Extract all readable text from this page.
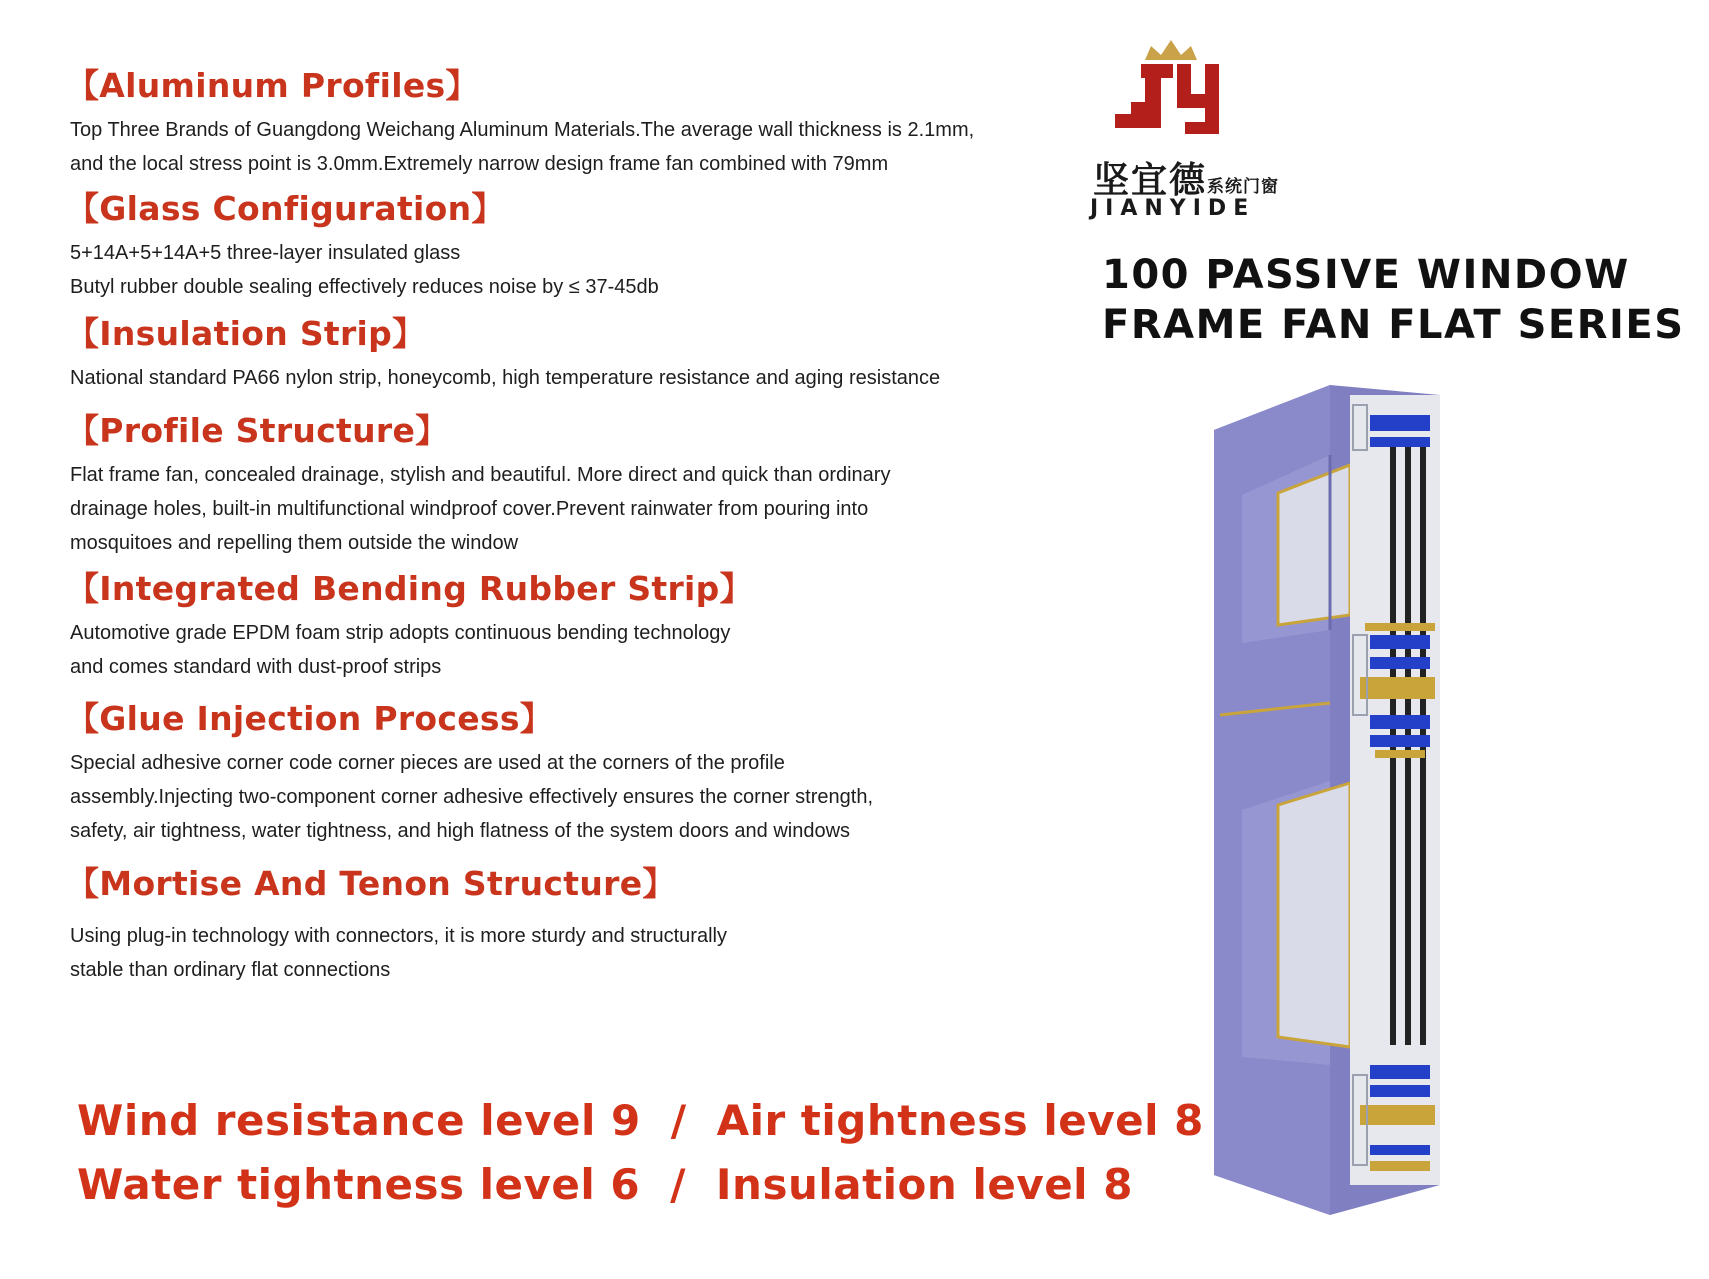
【Aluminum Profiles】
Top Three Brands of Guangdong Weichang Aluminum Materials.The average wall thickness is 2.1mm,
and the local stress point is 3.0mm.Extremely narrow design frame fan combined with 79mm
【Glass Configuration】
5+14A+5+14A+5 three-layer insulated glass
Butyl rubber double sealing effectively reduces noise by ≤ 37-45db
【Insulation Strip】
National standard PA66 nylon strip, honeycomb, high temperature resistance and aging resistance
【Profile Structure】
Flat frame fan, concealed drainage, stylish and beautiful. More direct and quick than ordinary
drainage holes, built-in multifunctional windproof cover.Prevent rainwater from pouring into
mosquitoes and repelling them outside the window
【Integrated Bending Rubber Strip】
Automotive grade EPDM foam strip adopts continuous bending technology
and comes standard with dust-proof strips
【Glue Injection Process】
Special adhesive corner code corner pieces are used at the corners of the profile
assembly.Injecting two-component corner adhesive effectively ensures the corner strength,
safety, air tightness, water tightness, and high flatness of the system doors and windows
【Mortise And Tenon Structure】
Using plug-in technology with connectors, it is more sturdy and structurally
stable than ordinary flat connections
Wind resistance level 9 / Air tightness level 8
Water tightness level 6 / Insulation level 8
坚宜德系统门窗
JIANYIDE
100 PASSIVE WINDOW
FRAME FAN FLAT SERIES
